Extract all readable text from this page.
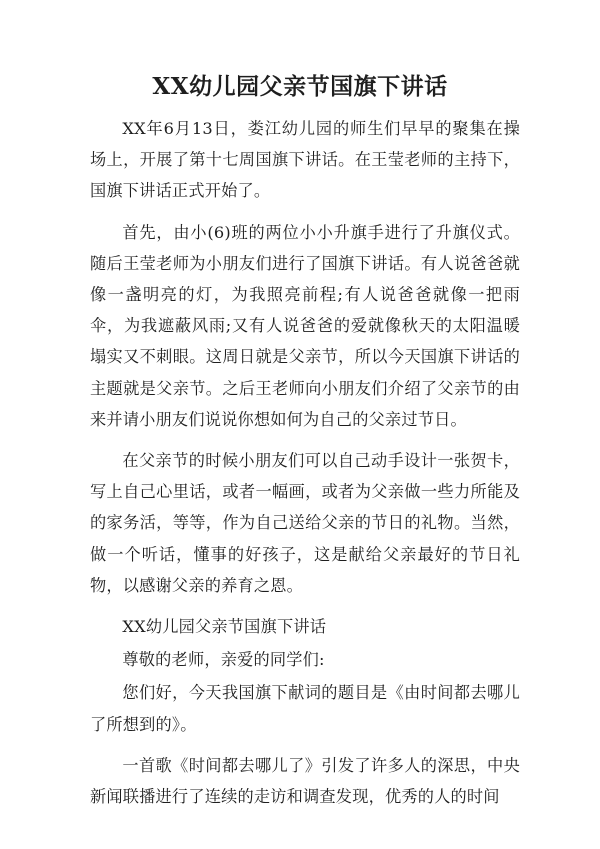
XX幼儿园父亲节国旗下讲话

XX年6月13日，娄江幼儿园的师生们早早的聚集在操场上，开展了第十七周国旗下讲话。在王莹老师的主持下，国旗下讲话正式开始了。

首先，由小(6)班的两位小小升旗手进行了升旗仪式。随后王莹老师为小朋友们进行了国旗下讲话。有人说爸爸就像一盏明亮的灯，为我照亮前程;有人说爸爸就像一把雨伞，为我遮蔽风雨;又有人说爸爸的爱就像秋天的太阳温暖塌实又不刺眼。这周日就是父亲节，所以今天国旗下讲话的主题就是父亲节。之后王老师向小朋友们介绍了父亲节的由来并请小朋友们说说你想如何为自己的父亲过节日。

在父亲节的时候小朋友们可以自己动手设计一张贺卡，写上自己心里话，或者一幅画，或者为父亲做一些力所能及的家务活，等等，作为自己送给父亲的节日的礼物。当然，做一个听话，懂事的好孩子，这是献给父亲最好的节日礼物，以感谢父亲的养育之恩。

XX幼儿园父亲节国旗下讲话

尊敬的老师，亲爱的同学们:

您们好，今天我国旗下献词的题目是《由时间都去哪儿了所想到的》。

一首歌《时间都去哪儿了》引发了许多人的深思，中央新闻联播进行了连续的走访和调查发现，优秀的人的时间
